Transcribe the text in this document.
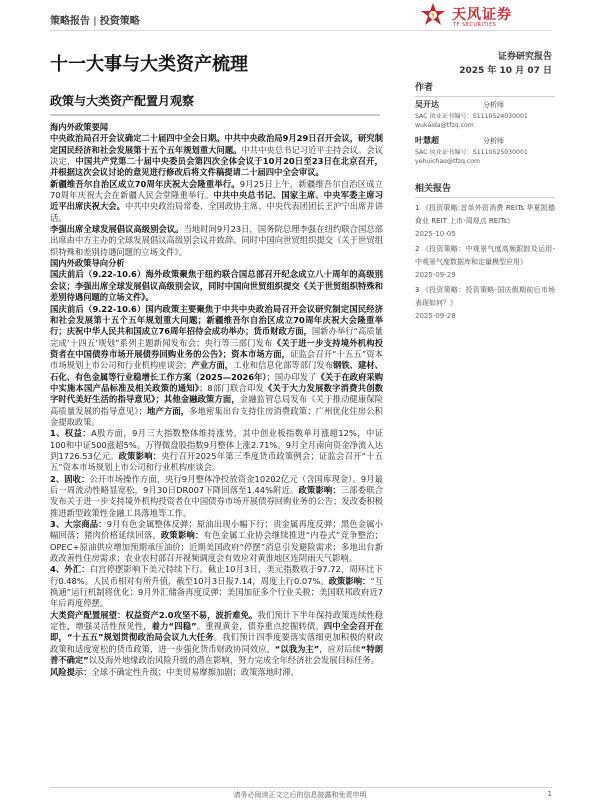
策略报告 | 投资策略	天风证券
TF SECURITIES
十一大事与大类资产梳理	证券研究报告
2025 年 10 月 07 日
政策与大类资产配置月观察

海内外政策要闻

中央政治局召开会议确定二十届四中全会日期。中共中央政治局9月29日召开会议，研究制定国民经济和社会发展第十五个五年规划重大问题。中共中央总书记习近平主持会议。会议决定，中国共产党第二十届中央委员会第四次全体会议于10月20日至23日在北京召开，并根据这次会议讨论的意见进行修改后将文件稿提请二十届四中全会审议。

新疆维吾尔自治区成立70周年庆祝大会隆重举行。9月25日上午，新疆维吾尔自治区成立70周年庆祝大会在新疆人民会堂隆重举行。中共中央总书记、国家主席、中央军委主席习近平出席庆祝大会。中共中央政治局常委、全国政协主席、中央代表团团长王沪宁出席并讲话。

李强出席全球发展倡议高级别会议。当地时间9月23日，国务院总理李强在纽约联合国总部出席由中方主办的全球发展倡议高级别会议并致辞。同时中国向世贸组织提交《关于世贸组织特殊和差别待遇问题的立场文件》。

国内外政策导向分析

国庆前后（9.22-10.6）海外政策聚焦于纽约联合国总部召开纪念成立八十周年的高级别会议；李强出席全球发展倡议高级别会议，同时中国向世贸组织提交《关于世贸组织特殊和差别待遇问题的立场文件》。

国庆前后（9.22-10.6）国内政策主要聚焦于中共中央政治局召开会议研究制定国民经济和社会发展第十五个五年规划重大问题；新疆维吾尔自治区成立70周年庆祝大会隆重举行；庆祝中华人民共和国成立76周年招待会成功举办；货币财政方面，国新办举行“高质量完成‘十四五’规划”系列主题新闻发布会；央行等三部门发布《关于进一步支持境外机构投资者在中国债券市场开展债券回购业务的公告》；资本市场方面，证监会召开“十五五”资本市场规划上市公司和行业机构座谈会；产业方面，工业和信息化部等部门发布钢铁、建材、石化、有色金属等行业稳增长工作方案（2025—2026年）；国办印发了《关于在政府采购中实施本国产品标准及相关政策的通知》；8部门联合印发《关于大力发展数字消费共创数字时代美好生活的指导意见》；其他金融政策方面，金融监管总局发布《关于推动健康保险高质量发展的指导意见》；地产方面，多地密集出台支持住房消费政策；广州优化住房公积金提取政策。

1、权益：A股方面，9月三大指数整体维持涨势，其中创业板指数单月涨超12%，中证100和中证500涨超5%。万得微盘股指数9月整体上涨2.71%。9月全月南向资金净流入达到1726.53亿元。政策影响：央行召开2025年第三季度货币政策例会；证监会召开“十五五”资本市场规划上市公司和行业机构座谈会。

2、固收：公开市场操作方面，央行9月整体净投放资金10202亿元（含国库现金）。9月最后一周流动性略显宽松，9月30日DR007下降回落至1.44%附近。政策影响：三部委联合发布关于进一步支持境外机构投资者在中国债券市场开展债券回购业务的公告；发改委积极推进新型政策性金融工具落地等工作。

3、大宗商品：9月有色金属整体反弹；原油出现小幅下行；贵金属再度反弹；黑色金属小幅回落；猪肉价格延续回落。政策影响：有色金属工业协会继续推进“内卷式”竞争整治；OPEC+原油供应增加预期承压油价；近期美国政府“停摆”消息引发避险需求；多地出台新政改善性住房需求；农业农村部召开视频调度会有效应对黄淮地区连阴雨天气影响。

4、外汇：白宫停摆影响下美元持续下行。截止10月3日，美元指数收于97.72，周环比下行0.48%。人民币相对有所升值，截至10月3日报7.14，周度上行0.07%。政策影响：“互换通”运行机制将优化；9月外汇储备再度反弹；美国加征多个行业关税；美国联邦政府近7年后再度停摆。

大类资产配置展望：权益资产2.0攻坚不易，波折难免。我们预计下半年保持政策连续性稳定性，增强灵活性预见性，着力“四稳”。重视黄金，债券重点挖掘转债。四中全会召开在即，“十五五”规划贯彻政治局会议九大任务。我们预计四季度要落实落细更加积极的财政政策和适度宽松的货币政策，进一步强化货币财政协同效应，“以我为主”，应对后续“特朗普不确定”以及海外地缘政治风险升级的潜在影响，努力完成全年经济社会发展目标任务。

风险提示：全球不确定性升级；中美贸易摩擦加剧；政策落地时滞。

作者
吴开达	分析师
SAC 执业证书编号：S1110524030001
wukaida@tfzq.com
叶慧超	分析师
SAC 执业证书编号：S1110525030001
yehuichao@tfzq.com
相关报告
1 《投资策略:首单外资消费 REITs 华夏凯德商业 REIT 上市-周观点 REITs》
2025-10-05
2 《投资策略：中观景气度高频跟踪及运用-中观景气度数据库和定量模型应用》
2025-09-29
3 《投资策略：投资策略-国庆假期前后市场表现如何？》
2025-09-28
请务必阅读正文之后的信息披露和免责申明	1
